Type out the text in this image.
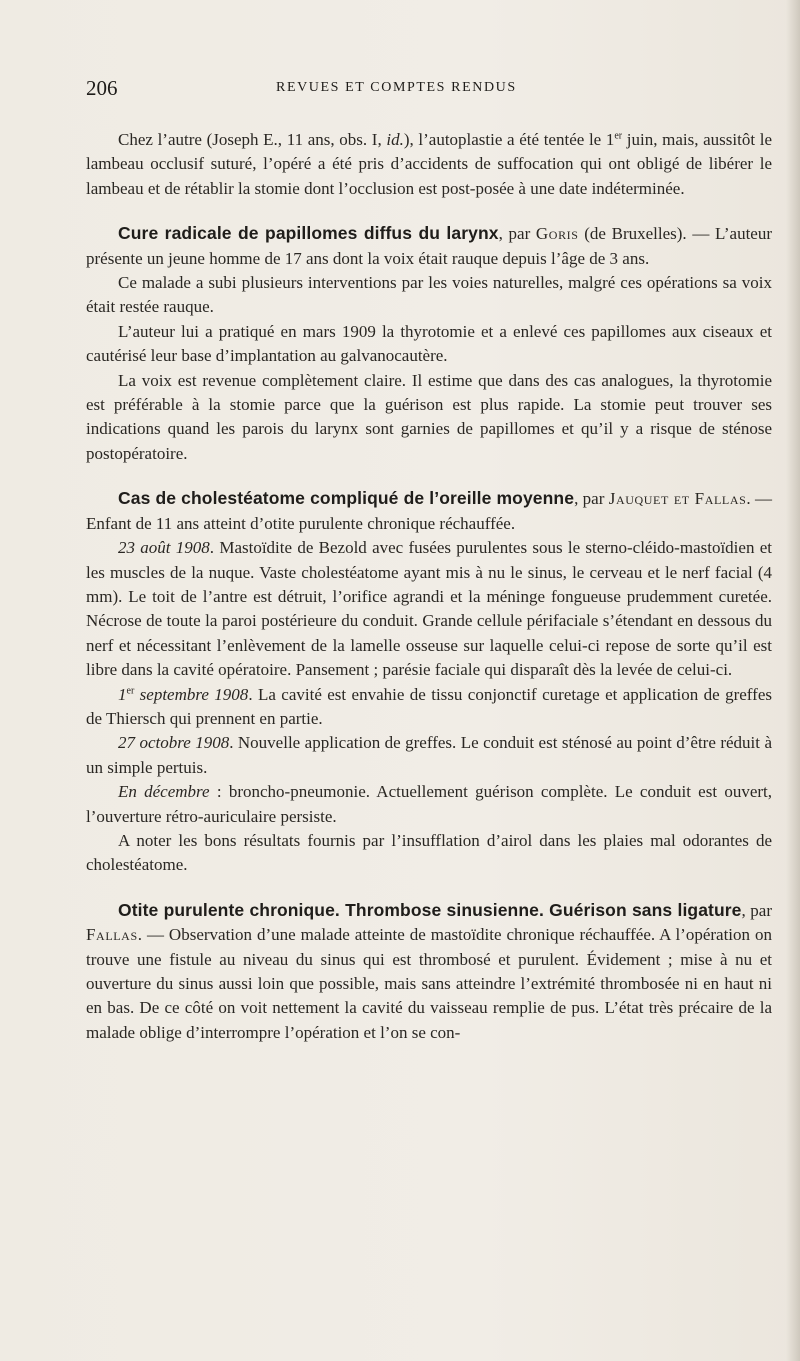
206	REVUES ET COMPTES RENDUS

Chez l’autre (Joseph E., 11 ans, obs. I, id.), l’autoplastie a été tentée le 1er juin, mais, aussitôt le lambeau occlusif suturé, l’opéré a été pris d’accidents de suffocation qui ont obligé de libérer le lambeau et de rétablir la stomie dont l’occlusion est post-posée à une date indéterminée.

Cure radicale de papillomes diffus du larynx, par Goris (de Bruxelles). — L’auteur présente un jeune homme de 17 ans dont la voix était rauque depuis l’âge de 3 ans.

Ce malade a subi plusieurs interventions par les voies naturelles, malgré ces opérations sa voix était restée rauque.

L’auteur lui a pratiqué en mars 1909 la thyrotomie et a enlevé ces papillomes aux ciseaux et cautérisé leur base d’implantation au galvanocautère.

La voix est revenue complètement claire. Il estime que dans des cas analogues, la thyrotomie est préférable à la stomie parce que la guérison est plus rapide. La stomie peut trouver ses indications quand les parois du larynx sont garnies de papillomes et qu’il y a risque de sténose postopératoire.

Cas de cholestéatome compliqué de l’oreille moyenne, par Jauquet et Fallas. — Enfant de 11 ans atteint d’otite purulente chronique réchauffée.

23 août 1908. Mastoïdite de Bezold avec fusées purulentes sous le sterno-cléido-mastoïdien et les muscles de la nuque. Vaste cholestéatome ayant mis à nu le sinus, le cerveau et le nerf facial (4 mm). Le toit de l’antre est détruit, l’orifice agrandi et la méninge fongueuse prudemment curetée. Nécrose de toute la paroi postérieure du conduit. Grande cellule périfaciale s’étendant en dessous du nerf et nécessitant l’enlèvement de la lamelle osseuse sur laquelle celui-ci repose de sorte qu’il est libre dans la cavité opératoire. Pansement ; parésie faciale qui disparaît dès la levée de celui-ci.

1er septembre 1908. La cavité est envahie de tissu conjonctif curetage et application de greffes de Thiersch qui prennent en partie.

27 octobre 1908. Nouvelle application de greffes. Le conduit est sténosé au point d’être réduit à un simple pertuis.

En décembre : broncho-pneumonie. Actuellement guérison complète. Le conduit est ouvert, l’ouverture rétro-auriculaire persiste.

A noter les bons résultats fournis par l’insufflation d’airol dans les plaies mal odorantes de cholestéatome.

Otite purulente chronique. Thrombose sinusienne. Guérison sans ligature, par Fallas. — Observation d’une malade atteinte de mastoïdite chronique réchauffée. A l’opération on trouve une fistule au niveau du sinus qui est thrombosé et purulent. Évidement ; mise à nu et ouverture du sinus aussi loin que possible, mais sans atteindre l’extrémité thrombosée ni en haut ni en bas. De ce côté on voit nettement la cavité du vaisseau remplie de pus. L’état très précaire de la malade oblige d’interrompre l’opération et l’on se con-
